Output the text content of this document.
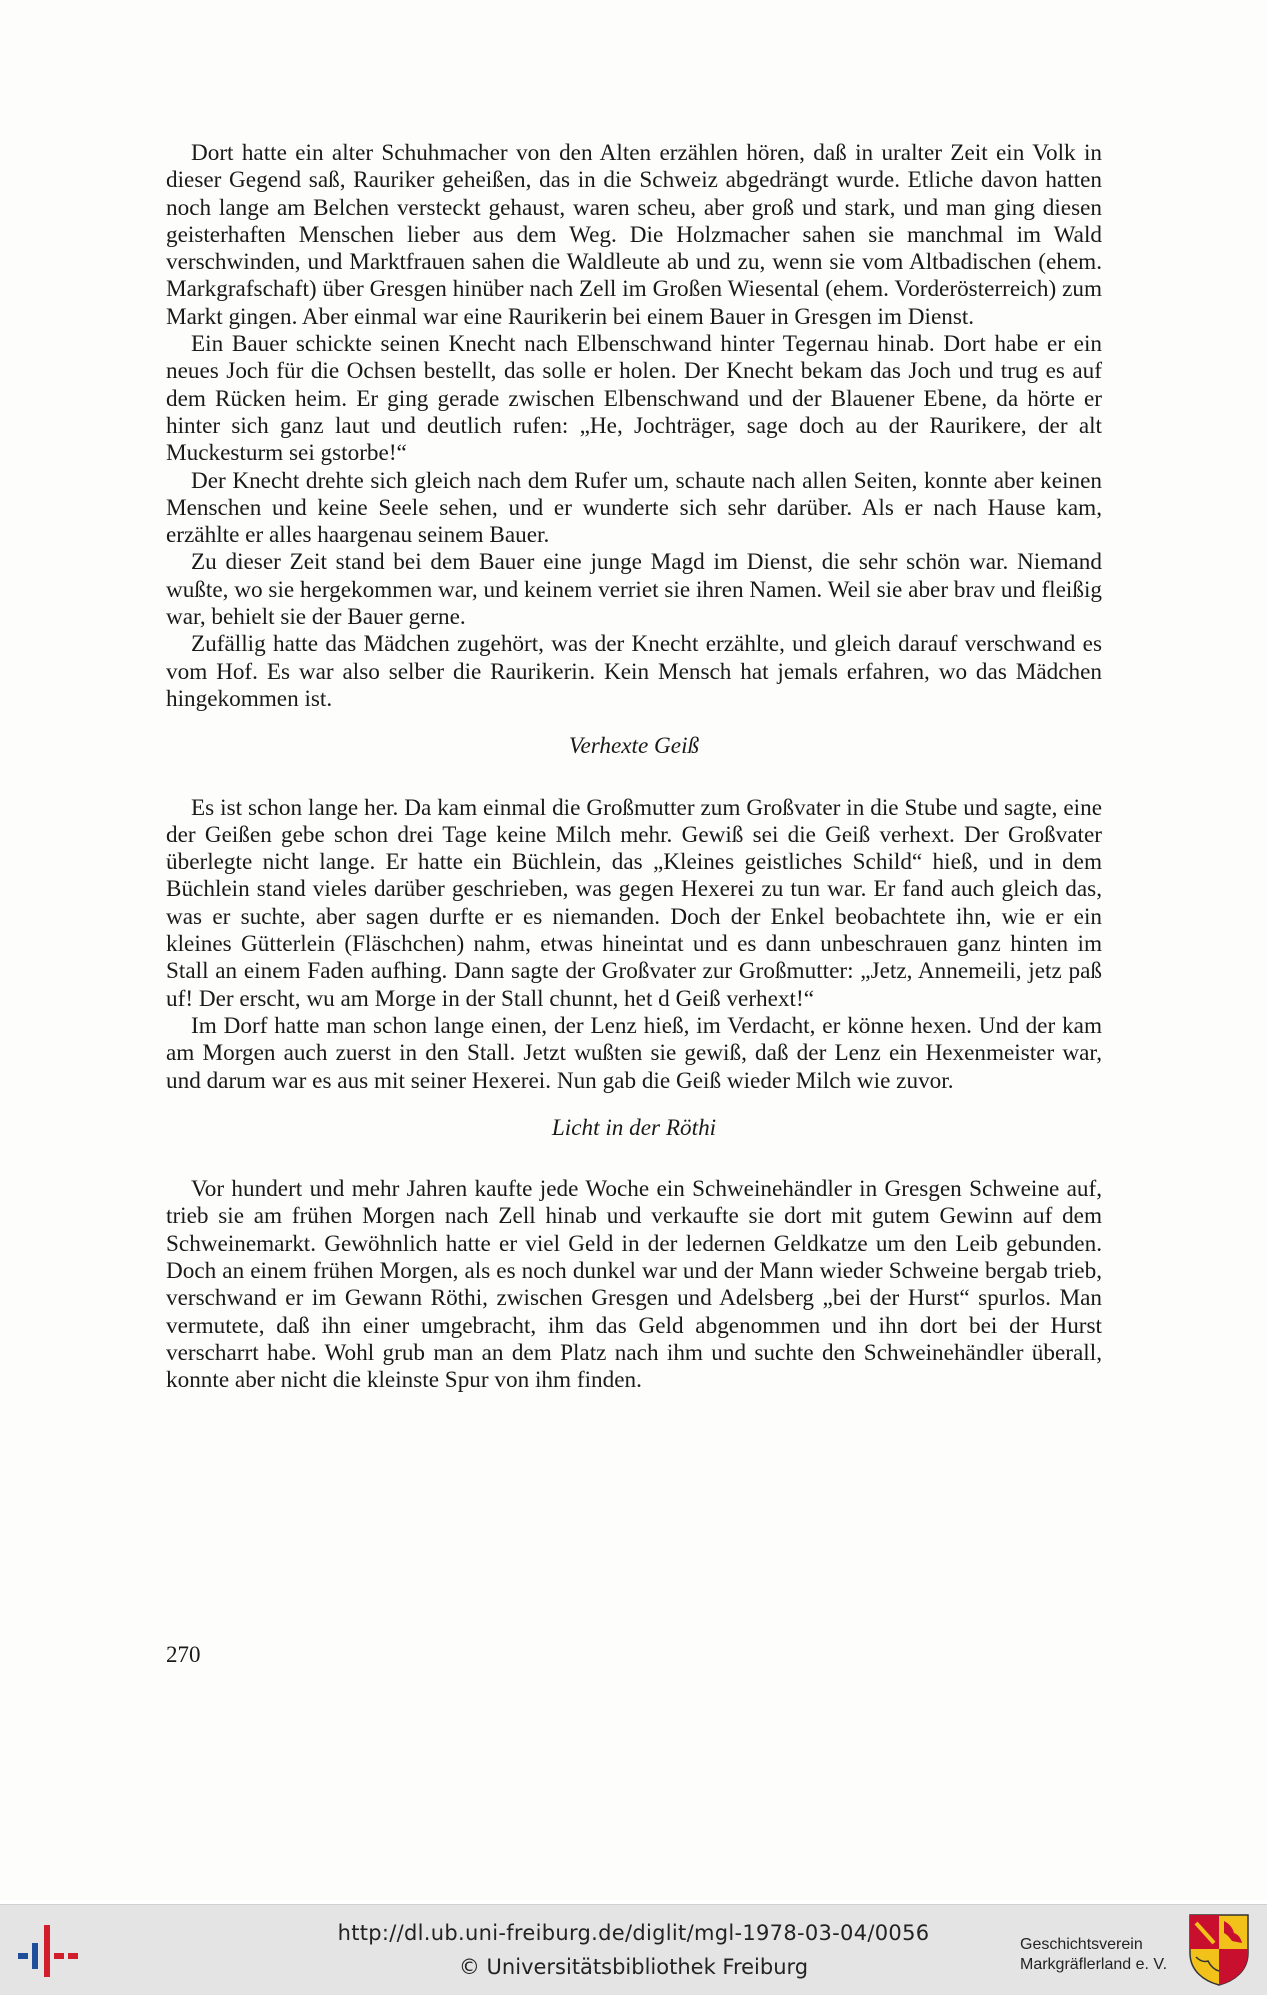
Dort hatte ein alter Schuhmacher von den Alten erzählen hören, daß in uralter Zeit ein Volk in dieser Gegend saß, Rauriker geheißen, das in die Schweiz abgedrängt wurde. Etliche davon hatten noch lange am Belchen versteckt gehaust, waren scheu, aber groß und stark, und man ging diesen geisterhaften Menschen lieber aus dem Weg. Die Holzmacher sahen sie manchmal im Wald verschwinden, und Marktfrauen sahen die Waldleute ab und zu, wenn sie vom Altbadischen (ehem. Markgrafschaft) über Gresgen hinüber nach Zell im Großen Wiesental (ehem. Vorderösterreich) zum Markt gingen. Aber einmal war eine Raurikerin bei einem Bauer in Gresgen im Dienst.

Ein Bauer schickte seinen Knecht nach Elbenschwand hinter Tegernau hinab. Dort habe er ein neues Joch für die Ochsen bestellt, das solle er holen. Der Knecht bekam das Joch und trug es auf dem Rücken heim. Er ging gerade zwischen Elbenschwand und der Blauener Ebene, da hörte er hinter sich ganz laut und deutlich rufen: „He, Jochträger, sage doch au der Raurikere, der alt Muckesturm sei gstorbe!“

Der Knecht drehte sich gleich nach dem Rufer um, schaute nach allen Seiten, konnte aber keinen Menschen und keine Seele sehen, und er wunderte sich sehr darüber. Als er nach Hause kam, erzählte er alles haargenau seinem Bauer.

Zu dieser Zeit stand bei dem Bauer eine junge Magd im Dienst, die sehr schön war. Niemand wußte, wo sie hergekommen war, und keinem verriet sie ihren Namen. Weil sie aber brav und fleißig war, behielt sie der Bauer gerne.

Zufällig hatte das Mädchen zugehört, was der Knecht erzählte, und gleich darauf verschwand es vom Hof. Es war also selber die Raurikerin. Kein Mensch hat jemals erfahren, wo das Mädchen hingekommen ist.

Verhexte Geiß

Es ist schon lange her. Da kam einmal die Großmutter zum Großvater in die Stube und sagte, eine der Geißen gebe schon drei Tage keine Milch mehr. Gewiß sei die Geiß verhext. Der Großvater überlegte nicht lange. Er hatte ein Büchlein, das „Kleines geistliches Schild“ hieß, und in dem Büchlein stand vieles darüber geschrieben, was gegen Hexerei zu tun war. Er fand auch gleich das, was er suchte, aber sagen durfte er es niemanden. Doch der Enkel beobachtete ihn, wie er ein kleines Gütterlein (Fläschchen) nahm, etwas hineintat und es dann unbeschrauen ganz hinten im Stall an einem Faden aufhing. Dann sagte der Großvater zur Großmutter: „Jetz, Annemeili, jetz paß uf! Der erscht, wu am Morge in der Stall chunnt, het d Geiß verhext!“

Im Dorf hatte man schon lange einen, der Lenz hieß, im Verdacht, er könne hexen. Und der kam am Morgen auch zuerst in den Stall. Jetzt wußten sie gewiß, daß der Lenz ein Hexenmeister war, und darum war es aus mit seiner Hexerei. Nun gab die Geiß wieder Milch wie zuvor.

Licht in der Röthi

Vor hundert und mehr Jahren kaufte jede Woche ein Schweinehändler in Gresgen Schweine auf, trieb sie am frühen Morgen nach Zell hinab und verkaufte sie dort mit gutem Gewinn auf dem Schweinemarkt. Gewöhnlich hatte er viel Geld in der ledernen Geldkatze um den Leib gebunden. Doch an einem frühen Morgen, als es noch dunkel war und der Mann wieder Schweine bergab trieb, verschwand er im Gewann Röthi, zwischen Gresgen und Adelsberg „bei der Hurst“ spurlos. Man vermutete, daß ihn einer umgebracht, ihm das Geld abgenommen und ihn dort bei der Hurst verscharrt habe. Wohl grub man an dem Platz nach ihm und suchte den Schweinehändler überall, konnte aber nicht die kleinste Spur von ihm finden.

270
http://dl.ub.uni-freiburg.de/diglit/mgl-1978-03-04/0056
© Universitätsbibliothek Freiburg
Geschichtsverein
Markgräflerland e. V.
